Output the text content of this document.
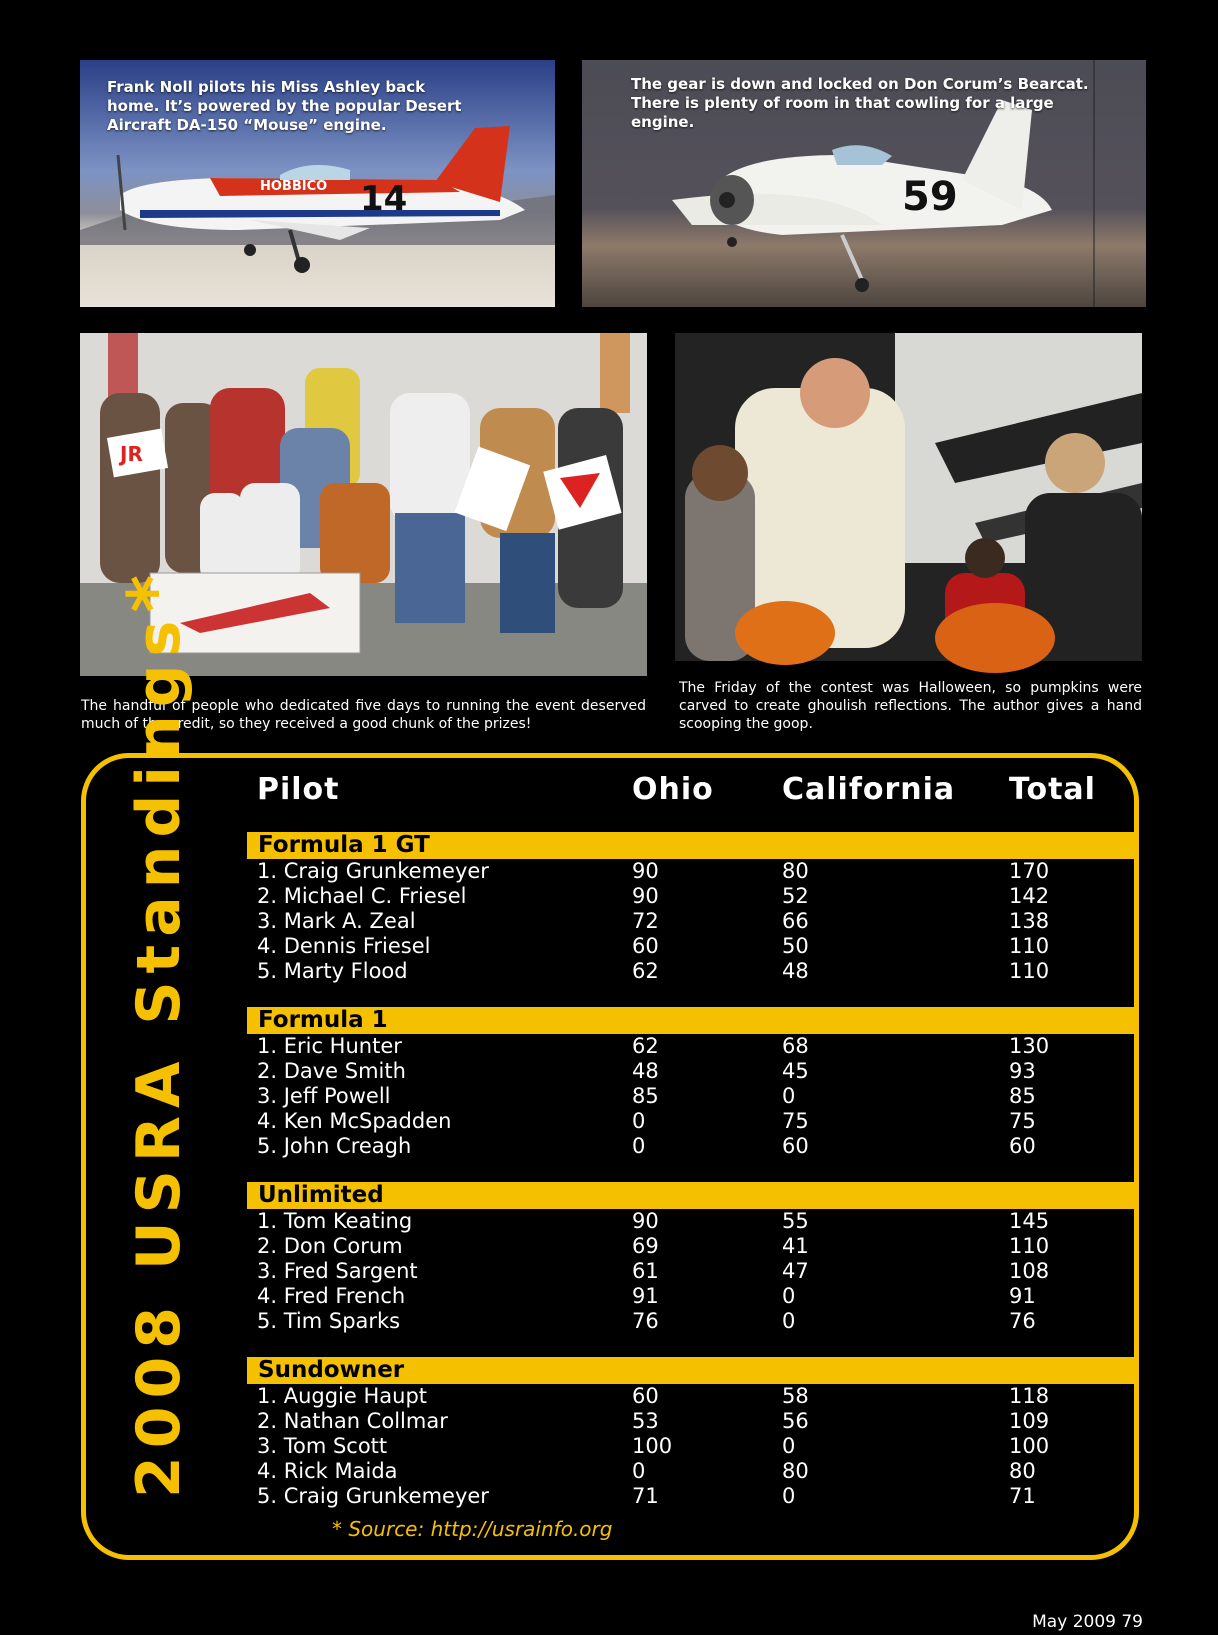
HOBBICO 14
Frank Noll pilots his Miss Ashley back home. It’s powered by the popular Desert Aircraft DA-150 “Mouse” engine.
59
The gear is down and locked on Don Corum’s Bearcat. There is plenty of room in that cowling for a large engine.
JR
The handful of people who dedicated five days to running the event deserved much of the credit, so they received a good chunk of the prizes!
The Friday of the contest was Halloween, so pumpkins were carved to create ghoulish reflections. The author gives a hand scooping the goop.
2008 USRA Standings*
Pilot	Ohio California Total
Formula 1 GT
1. Craig Grunkemeyer	90	80	170
2. Michael C. Friesel	90	52	142
3. Mark A. Zeal	72	66	138
4. Dennis Friesel	60	50	110
5. Marty Flood	62	48	110
Formula 1
1. Eric Hunter	62	68	130
2. Dave Smith	48	45	93
3. Jeff Powell	85	0	85
4. Ken McSpadden	0	75	75
5. John Creagh	0	60	60
Unlimited
1. Tom Keating	90	55	145
2. Don Corum	69	41	110
3. Fred Sargent	61	47	108
4. Fred French	91	0	91
5. Tim Sparks	76	0	76
Sundowner
1. Auggie Haupt	60	58	118
2. Nathan Collmar	53	56	109
3. Tom Scott	100	0	100
4. Rick Maida	0	80	80
5. Craig Grunkemeyer	71	0	71
* Source: http://usrainfo.org
May 2009 79
